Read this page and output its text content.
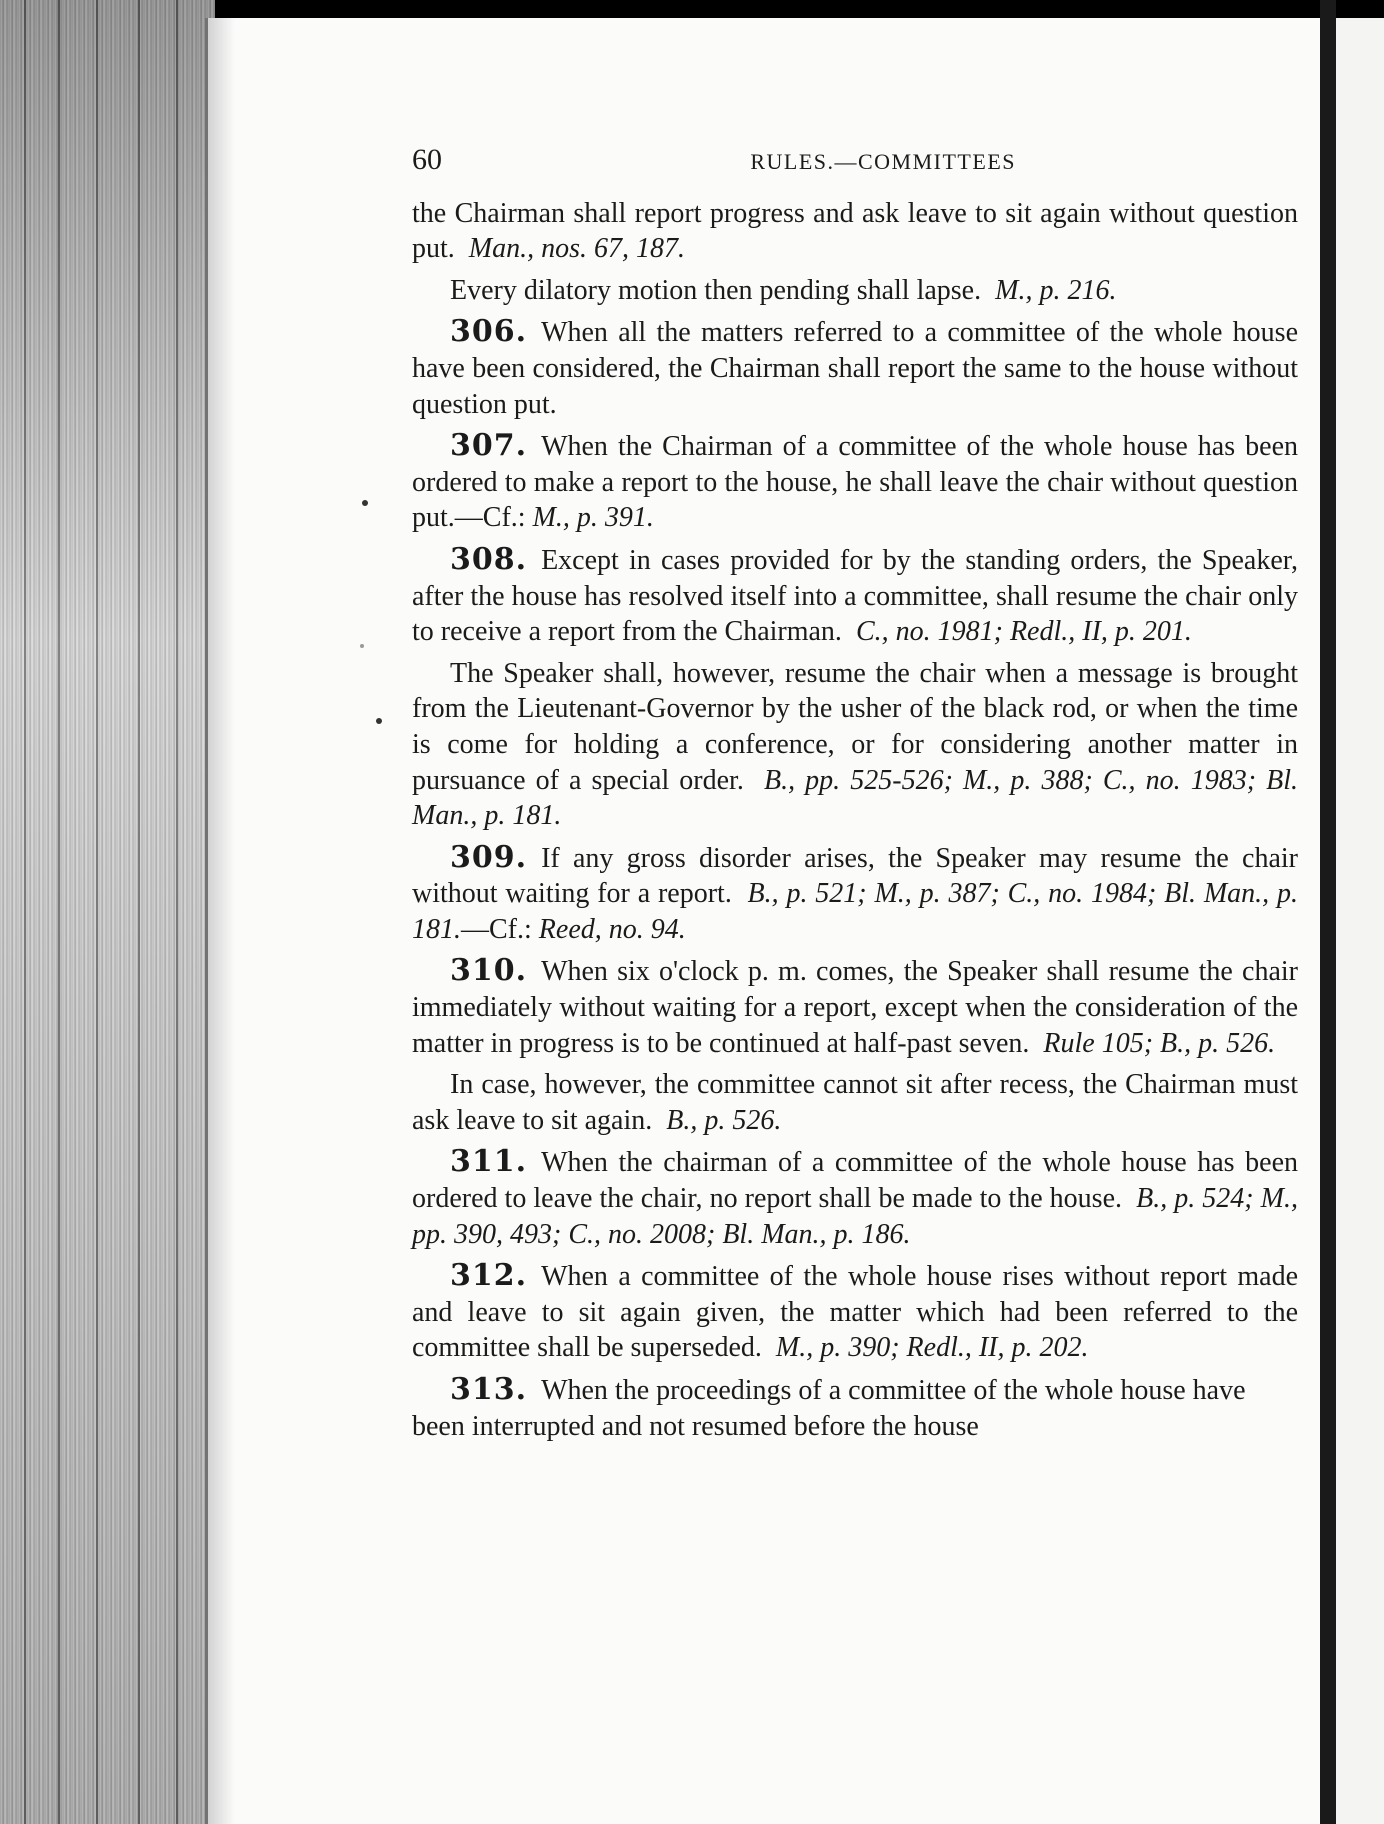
60	RULES.—COMMITTEES

the Chairman shall report progress and ask leave to sit again without question put. Man., nos. 67, 187.

Every dilatory motion then pending shall lapse. M., p. 216.

306. When all the matters referred to a committee of the whole house have been considered, the Chairman shall report the same to the house without question put.

307. When the Chairman of a committee of the whole house has been ordered to make a report to the house, he shall leave the chair without question put.—Cf.: M., p. 391.

308. Except in cases provided for by the standing orders, the Speaker, after the house has resolved itself into a committee, shall resume the chair only to receive a report from the Chairman. C., no. 1981; Redl., II, p. 201.

The Speaker shall, however, resume the chair when a message is brought from the Lieutenant-Governor by the usher of the black rod, or when the time is come for holding a conference, or for considering another matter in pursuance of a special order. B., pp. 525-526; M., p. 388; C., no. 1983; Bl. Man., p. 181.

309. If any gross disorder arises, the Speaker may resume the chair without waiting for a report. B., p. 521; M., p. 387; C., no. 1984; Bl. Man., p. 181.—Cf.: Reed, no. 94.

310. When six o'clock p. m. comes, the Speaker shall resume the chair immediately without waiting for a report, except when the consideration of the matter in progress is to be continued at half-past seven. Rule 105; B., p. 526.

In case, however, the committee cannot sit after recess, the Chairman must ask leave to sit again. B., p. 526.

311. When the chairman of a committee of the whole house has been ordered to leave the chair, no report shall be made to the house. B., p. 524; M., pp. 390, 493; C., no. 2008; Bl. Man., p. 186.

312. When a committee of the whole house rises without report made and leave to sit again given, the matter which had been referred to the committee shall be superseded. M., p. 390; Redl., II, p. 202.

313. When the proceedings of a committee of the whole house have been interrupted and not resumed before the house
